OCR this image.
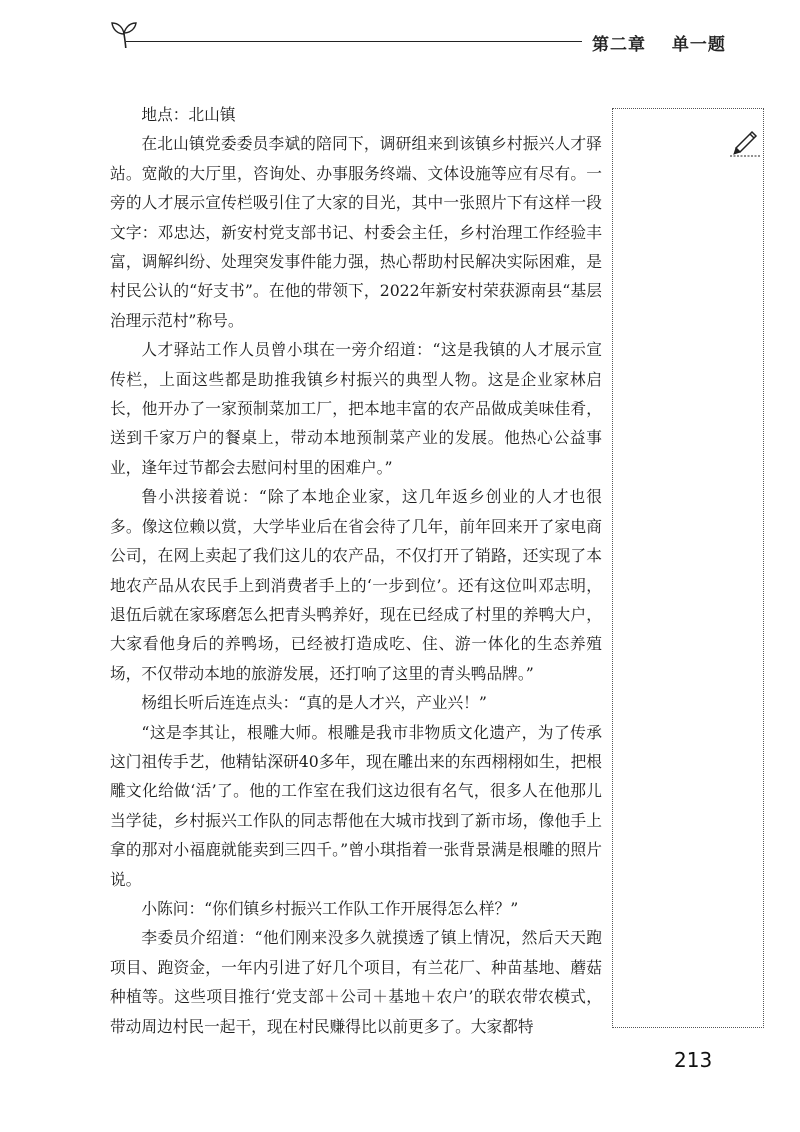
第二章 单一题

地点：北山镇

在北山镇党委委员李斌的陪同下，调研组来到该镇乡村振兴人才驿站。宽敞的大厅里，咨询处、办事服务终端、文体设施等应有尽有。一旁的人才展示宣传栏吸引住了大家的目光，其中一张照片下有这样一段文字：邓忠达，新安村党支部书记、村委会主任，乡村治理工作经验丰富，调解纠纷、处理突发事件能力强，热心帮助村民解决实际困难，是村民公认的“好支书”。在他的带领下，2022年新安村荣获源南县“基层治理示范村”称号。

人才驿站工作人员曾小琪在一旁介绍道：“这是我镇的人才展示宣传栏，上面这些都是助推我镇乡村振兴的典型人物。这是企业家林启长，他开办了一家预制菜加工厂，把本地丰富的农产品做成美味佳肴，送到千家万户的餐桌上，带动本地预制菜产业的发展。他热心公益事业，逢年过节都会去慰问村里的困难户。”

鲁小洪接着说：“除了本地企业家，这几年返乡创业的人才也很多。像这位赖以赏，大学毕业后在省会待了几年，前年回来开了家电商公司，在网上卖起了我们这儿的农产品，不仅打开了销路，还实现了本地农产品从农民手上到消费者手上的‘一步到位’。还有这位叫邓志明，退伍后就在家琢磨怎么把青头鸭养好，现在已经成了村里的养鸭大户，大家看他身后的养鸭场，已经被打造成吃、住、游一体化的生态养殖场，不仅带动本地的旅游发展，还打响了这里的青头鸭品牌。”

杨组长听后连连点头：“真的是人才兴，产业兴！”

“这是李其让，根雕大师。根雕是我市非物质文化遗产，为了传承这门祖传手艺，他精钻深研40多年，现在雕出来的东西栩栩如生，把根雕文化给做‘活’了。他的工作室在我们这边很有名气，很多人在他那儿当学徒，乡村振兴工作队的同志帮他在大城市找到了新市场，像他手上拿的那对小福鹿就能卖到三四千。”曾小琪指着一张背景满是根雕的照片说。

小陈问：“你们镇乡村振兴工作队工作开展得怎么样？”

李委员介绍道：“他们刚来没多久就摸透了镇上情况，然后天天跑项目、跑资金，一年内引进了好几个项目，有兰花厂、种苗基地、蘑菇种植等。这些项目推行‘党支部＋公司＋基地＋农户’的联农带农模式，带动周边村民一起干，现在村民赚得比以前更多了。大家都特

213
